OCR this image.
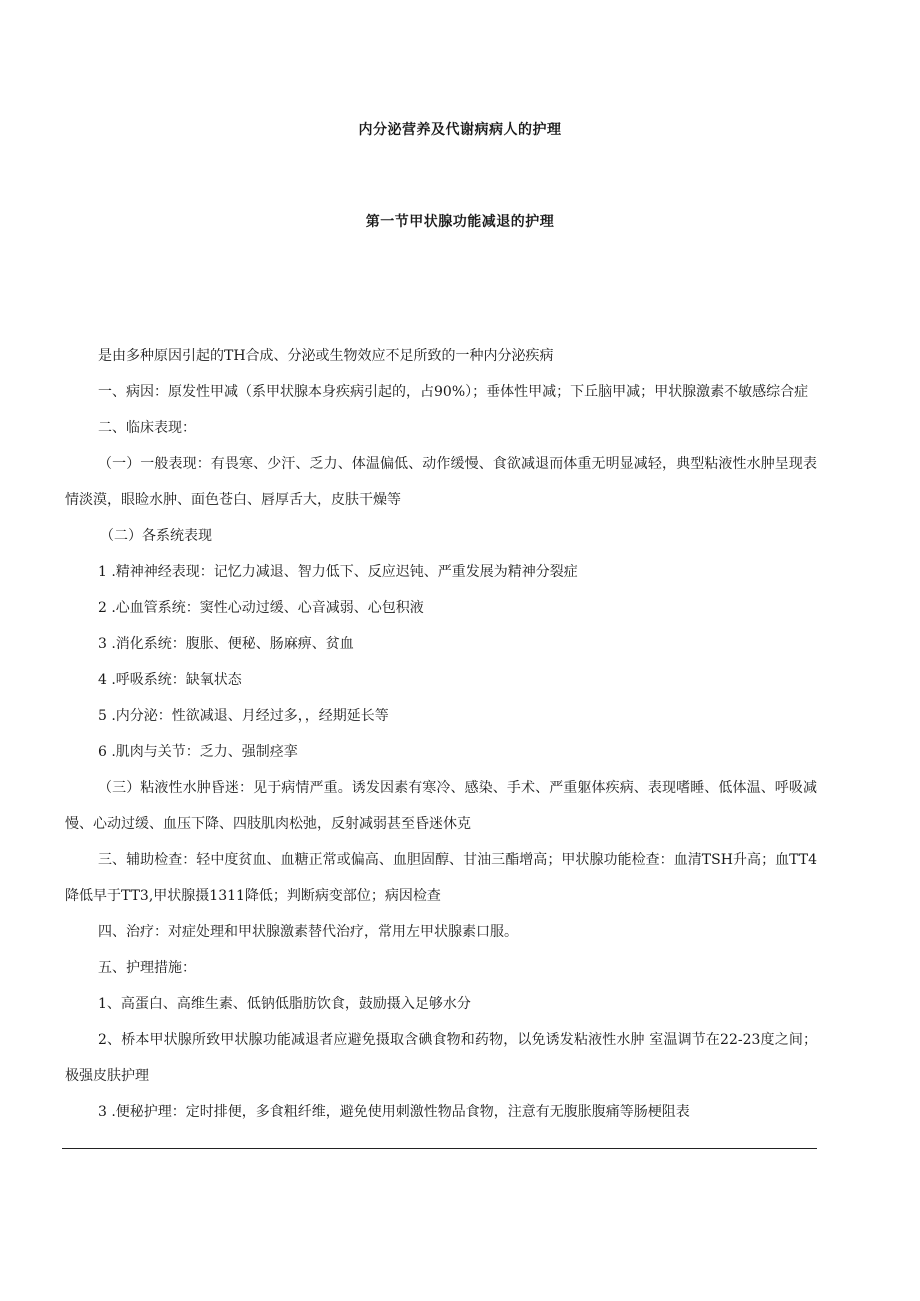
内分泌营养及代谢病病人的护理
第一节甲状腺功能减退的护理

是由多种原因引起的TH合成、分泌或生物效应不足所致的一种内分泌疾病

一、病因：原发性甲减（系甲状腺本身疾病引起的，占90%）；垂体性甲减；下丘脑甲减；甲状腺激素不敏感综合症

二、临床表现：

（一）一般表现：有畏寒、少汗、乏力、体温偏低、动作缓慢、食欲减退而体重无明显减轻，典型粘液性水肿呈现表情淡漠，眼睑水肿、面色苍白、唇厚舌大，皮肤干燥等

（二）各系统表现

1 .精神神经表现：记忆力减退、智力低下、反应迟钝、严重发展为精神分裂症

2 .心血管系统：窦性心动过缓、心音减弱、心包积液

3 .消化系统：腹胀、便秘、肠麻痹、贫血

4 .呼吸系统：缺氧状态

5 .内分泌：性欲减退、月经过多，，经期延长等

6 .肌肉与关节：乏力、强制痉挛

（三）粘液性水肿昏迷：见于病情严重。诱发因素有寒冷、感染、手术、严重躯体疾病、表现嗜睡、低体温、呼吸减慢、心动过缓、血压下降、四肢肌肉松弛，反射减弱甚至昏迷休克

三、辅助检查：轻中度贫血、血糖正常或偏高、血胆固醇、甘油三酯增高；甲状腺功能检查：血清TSH升高；血TT4降低早于TT3,甲状腺摄1311降低；判断病变部位；病因检查

四、治疗：对症处理和甲状腺激素替代治疗，常用左甲状腺素口服。

五、护理措施：

1、高蛋白、高维生素、低钠低脂肪饮食，鼓励摄入足够水分

2、桥本甲状腺所致甲状腺功能减退者应避免摄取含碘食物和药物，以免诱发粘液性水肿 室温调节在22-23度之间；极强皮肤护理

3 .便秘护理：定时排便，多食粗纤维，避免使用刺激性物品食物，注意有无腹胀腹痛等肠梗阻表
